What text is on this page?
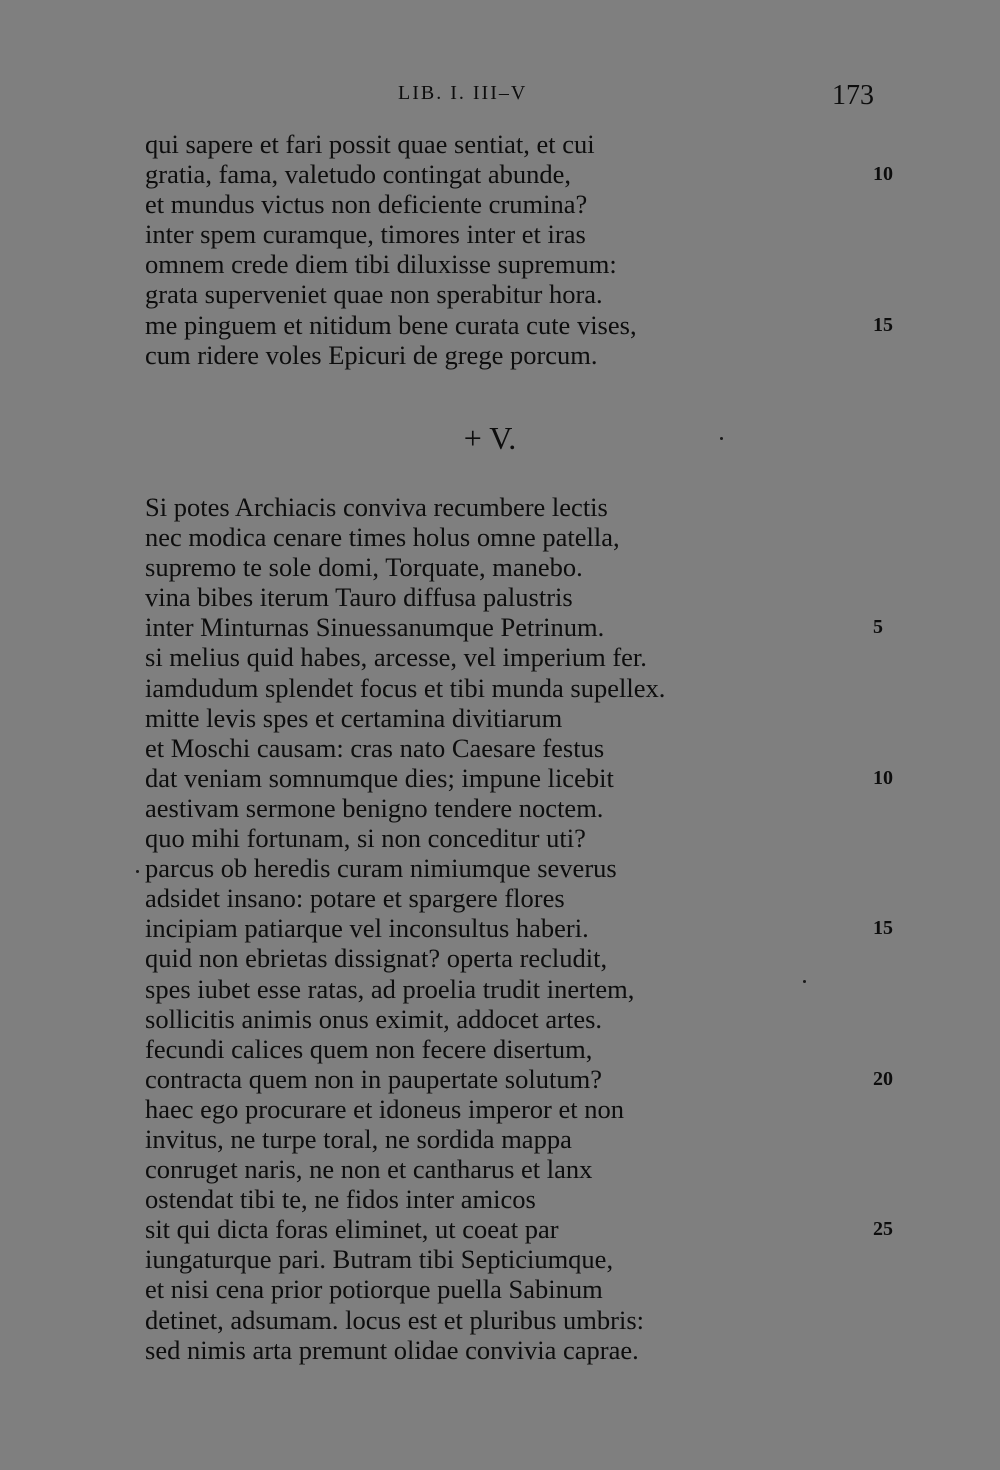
LIB. I. III–V	173
qui sapere et fari possit quae sentiat, et cui
gratia, fama, valetudo contingat abunde,	10
et mundus victus non deficiente crumina?
inter spem curamque, timores inter et iras
omnem crede diem tibi diluxisse supremum:
grata superveniet quae non sperabitur hora.
me pinguem et nitidum bene curata cute vises,	15
cum ridere voles Epicuri de grege porcum.
+ V.
Si potes Archiacis conviva recumbere lectis
nec modica cenare times holus omne patella,
supremo te sole domi, Torquate, manebo.
vina bibes iterum Tauro diffusa palustris
inter Minturnas Sinuessanumque Petrinum.	5
si melius quid habes, arcesse, vel imperium fer.
iamdudum splendet focus et tibi munda supellex.
mitte levis spes et certamina divitiarum
et Moschi causam: cras nato Caesare festus
dat veniam somnumque dies; impune licebit	10
aestivam sermone benigno tendere noctem.
quo mihi fortunam, si non conceditur uti?
parcus ob heredis curam nimiumque severus
adsidet insano: potare et spargere flores
incipiam patiarque vel inconsultus haberi.	15
quid non ebrietas dissignat? operta recludit,
spes iubet esse ratas, ad proelia trudit inertem,
sollicitis animis onus eximit, addocet artes.
fecundi calices quem non fecere disertum,
contracta quem non in paupertate solutum?	20
haec ego procurare et idoneus imperor et non
invitus, ne turpe toral, ne sordida mappa
conruget naris, ne non et cantharus et lanx
ostendat tibi te, ne fidos inter amicos
sit qui dicta foras eliminet, ut coeat par	25
iungaturque pari. Butram tibi Septiciumque,
et nisi cena prior potiorque puella Sabinum
detinet, adsumam. locus est et pluribus umbris:
sed nimis arta premunt olidae convivia caprae.
